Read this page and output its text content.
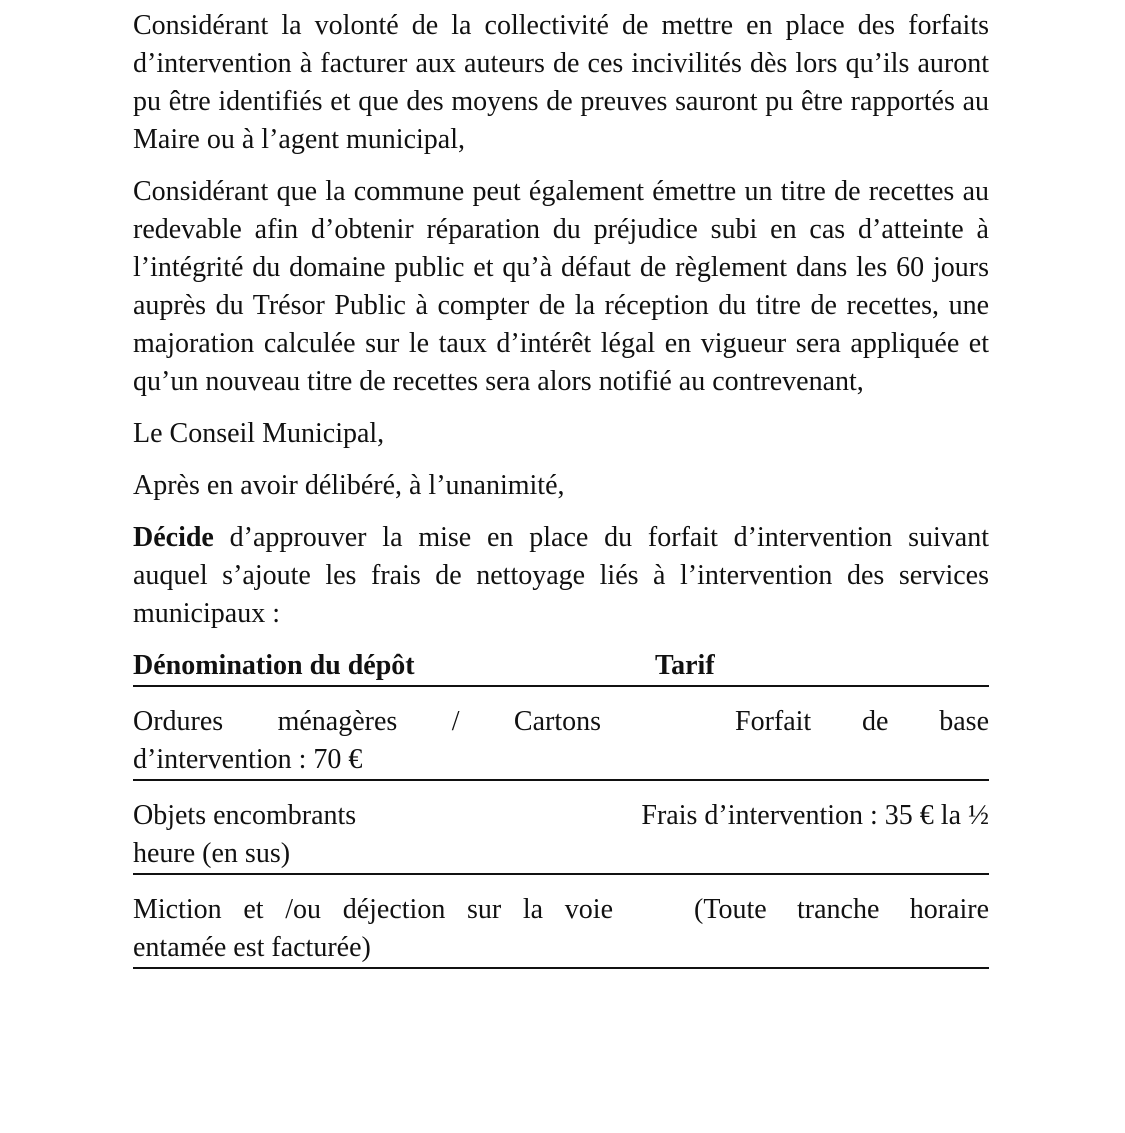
Considérant la volonté de la collectivité de mettre en place des forfaits d’intervention à facturer aux auteurs de ces incivilités dès lors qu’ils auront pu être identifiés et que des moyens de preuves sauront pu être rapportés au Maire ou à l’agent municipal,

Considérant que la commune peut également émettre un titre de recettes au redevable afin d’obtenir réparation du préjudice subi en cas d’atteinte à l’intégrité du domaine public et qu’à défaut de règlement dans les 60 jours auprès du Trésor Public à compter de la réception du titre de recettes, une majoration calculée sur le taux d’intérêt légal en vigueur sera appliquée et qu’un nouveau titre de recettes sera alors notifié au contrevenant,

Le Conseil Municipal,

Après en avoir délibéré, à l’unanimité,

Décide d’approuver la mise en place du forfait d’intervention suivant auquel s’ajoute les frais de nettoyage liés à l’intervention des services municipaux :

Dénomination du dépôt	Tarif
Ordures ménagères / Cartons	Forfait de base
d’intervention : 70 €
Objets encombrants	Frais d’intervention : 35 € la ½
heure (en sus)
Miction et /ou déjection sur la voie	(Toute tranche horaire
entamée est facturée)
